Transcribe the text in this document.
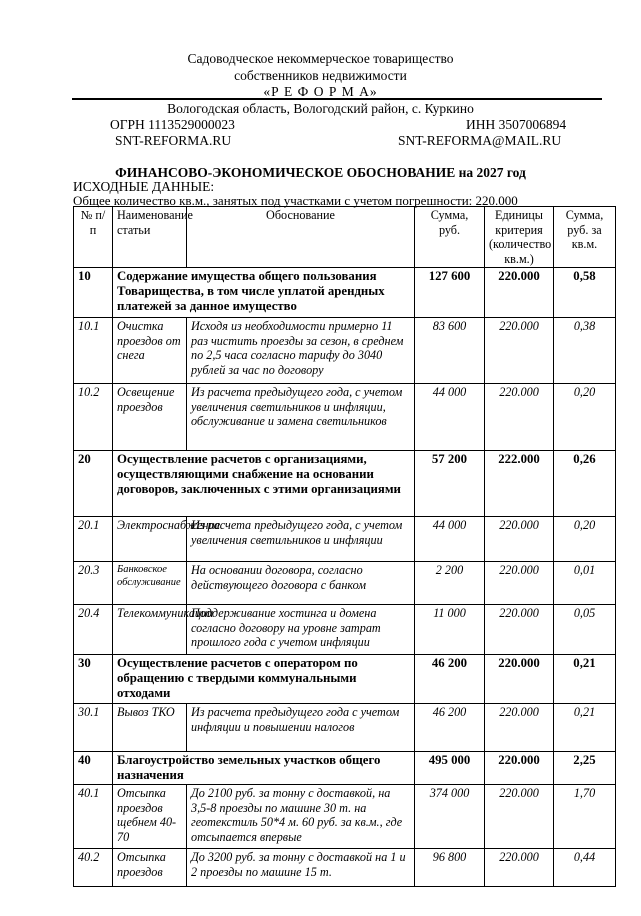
Садоводческое некоммерческое товарищество
собственников недвижимости
«Р Е Ф О Р М А»
Вологодская область, Вологодский район, с. Куркино
ОГРН 1113529000023	ИНН 3507006894
SNT-REFORMA.RU	SNT-REFORMA@MAIL.RU
ФИНАНСОВО-ЭКОНОМИЧЕСКОЕ ОБОСНОВАНИЕ на 2027 год
ИСХОДНЫЕ ДАННЫЕ:
Общее количество кв.м., занятых под участками с учетом погрешности: 220.000
№ п/п	Наименование статьи	Обоснование	Сумма, руб.	Единицы критерия (количество кв.м.)	Сумма, руб. за кв.м.
10	Содержание имущества общего пользования Товарищества, в том числе уплатой арендных платежей за данное имущество		127 600	220.000	0,58
10.1	Очистка проездов от снега	Исходя из необходимости примерно 11 раз чистить проезды за сезон, в среднем по 2,5 часа согласно тарифу до 3040 рублей за час по договору	83 600	220.000	0,38
10.2	Освещение проездов	Из расчета предыдущего года, с учетом увеличения светильников и инфляции, обслуживание и замена светильников	44 000	220.000	0,20
20	Осуществление расчетов с организациями, осуществляющими снабжение на основании договоров, заключенных с этими организациями		57 200	222.000	0,26
20.1	Электроснабжение	Из расчета предыдущего года, с учетом увеличения светильников и инфляции	44 000	220.000	0,20
20.3	Банковское обслуживание	На основании договора, согласно действующего договора с банком	2 200	220.000	0,01
20.4	Телекоммуникации	Поддерживание хостинга и домена согласно договору на уровне затрат прошлого года с учетом инфляции	11 000	220.000	0,05
30	Осуществление расчетов с оператором по обращению с твердыми коммунальными отходами		46 200	220.000	0,21
30.1	Вывоз ТКО	Из расчета предыдущего года с учетом инфляции и повышении налогов	46 200	220.000	0,21
40	Благоустройство земельных участков общего назначения		495 000	220.000	2,25
40.1	Отсыпка проездов щебнем 40-70	До 2100 руб. за тонну с доставкой, на 3,5-8 проезды по машине 30 т. на геотекстиль 50*4 м. 60 руб. за кв.м., где отсыпается впервые	374 000	220.000	1,70
40.2	Отсыпка проездов	До 3200 руб. за тонну с доставкой на 1 и 2 проезды по машине 15 т.	96 800	220.000	0,44
